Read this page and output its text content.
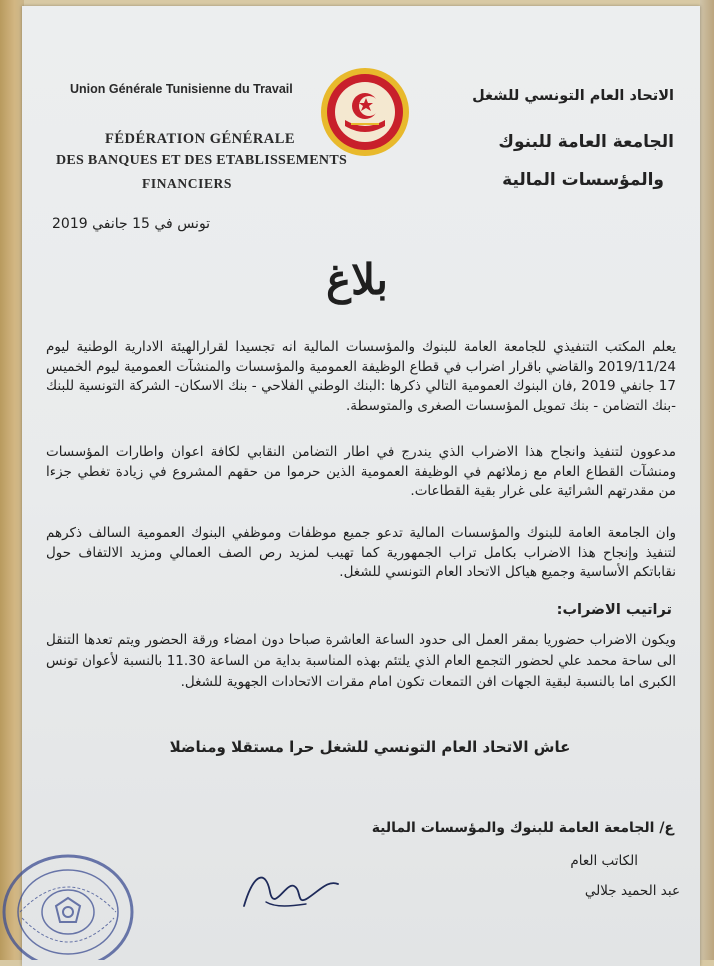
Union Générale Tunisienne du Travail
FÉDÉRATION GÉNÉRALE
DES BANQUES ET DES ETABLISSEMENTS
FINANCIERS
الاتحاد العام التونسي للشغل
الجامعة العامة للبنوك
والمؤسسات المالية
تونس في 15 جانفي 2019
بلاغ
يعلم المكتب التنفيذي للجامعة العامة للبنوك والمؤسسات المالية انه تجسيدا لقرارالهيئة الادارية الوطنية ليوم 2019/11/24 والقاضي باقرار اضراب في قطاع الوظيفة العمومية والمؤسسات والمنشآت العمومية ليوم الخميس 17 جانفي 2019 ,فان البنوك العمومية التالي ذكرها :البنك الوطني الفلاحي - بنك الاسكان- الشركة التونسية للبنك -بنك التضامن - بنك تمويل المؤسسات الصغرى والمتوسطة.
مدعوون لتنفيذ وانجاح هذا الاضراب الذي يندرج في اطار التضامن النقابي لكافة اعوان واطارات المؤسسات ومنشآت القطاع العام مع زملائهم في الوظيفة العمومية الذين حرموا من حقهم المشروع في زيادة تغطي جزءا من مقدرتهم الشرائية على غرار بقية القطاعات.
وان الجامعة العامة للبنوك والمؤسسات المالية تدعو جميع موظفات وموظفي البنوك العمومية السالف ذكرهم لتنفيذ وإنجاح هذا الاضراب بكامل تراب الجمهورية كما تهيب لمزيد رص الصف العمالي ومزيد الالتفاف حول نقاباتكم الأساسية وجميع هياكل الاتحاد العام التونسي للشغل.
تراتيب الاضراب:
ويكون الاضراب حضوريا بمقر العمل الى حدود الساعة العاشرة صباحا دون امضاء ورقة الحضور ويتم تعدها التنقل الى ساحة محمد علي لحضور التجمع العام الذي يلتئم بهذه المناسبة بداية من الساعة 11.30 بالنسبة لأعوان تونس الكبرى اما بالنسبة لبقية الجهات افن التمعات تكون امام مقرات الاتحادات الجهوية للشغل.
عاش الاتحاد العام التونسي للشغل حرا مستقلا ومناضلا
ع/ الجامعة العامة للبنوك والمؤسسات المالية
الكاتب العام
عبد الحميد جلالي
